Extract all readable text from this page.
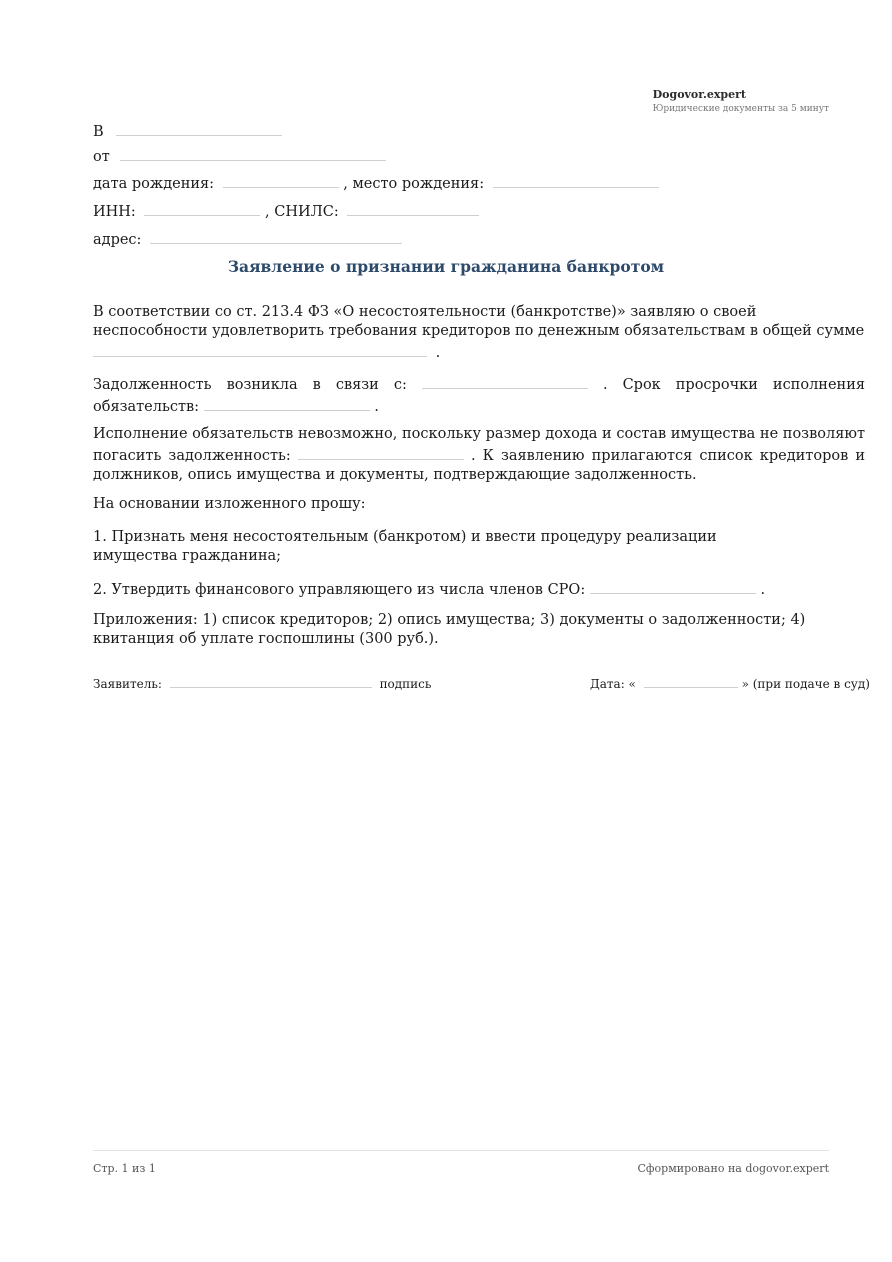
Dogovor.expert
Юридические документы за 5 минут
В
от
дата рождения:	, место рождения:
ИНН:	, СНИЛС:
адрес:
Заявление о признании гражданина банкротом
В соответствии со ст. 213.4 ФЗ «О несостоятельности (банкротстве)» заявляю о своей неспособности удовлетворить требования кредиторов по денежным обязательствам в общей сумме
.
Задолженность возникла в связи с:	. Срок просрочки исполнения обязательств:	.
Исполнение обязательств невозможно, поскольку размер дохода и состав имущества не позволяют погасить задолженность:	. К заявлению прилагаются список кредиторов и должников, опись имущества и документы, подтверждающие задолженность.
На основании изложенного прошу:
1. Признать меня несостоятельным (банкротом) и ввести процедуру реализации имущества гражданина;
2. Утвердить финансового управляющего из числа членов СРО:	.
Приложения: 1) список кредиторов; 2) опись имущества; 3) документы о задолженности; 4) квитанция об уплате госпошлины (300 руб.).
Заявитель:	подпись	Дата: «	» (при подаче в суд)
Стр. 1 из 1	Сформировано на dogovor.expert
